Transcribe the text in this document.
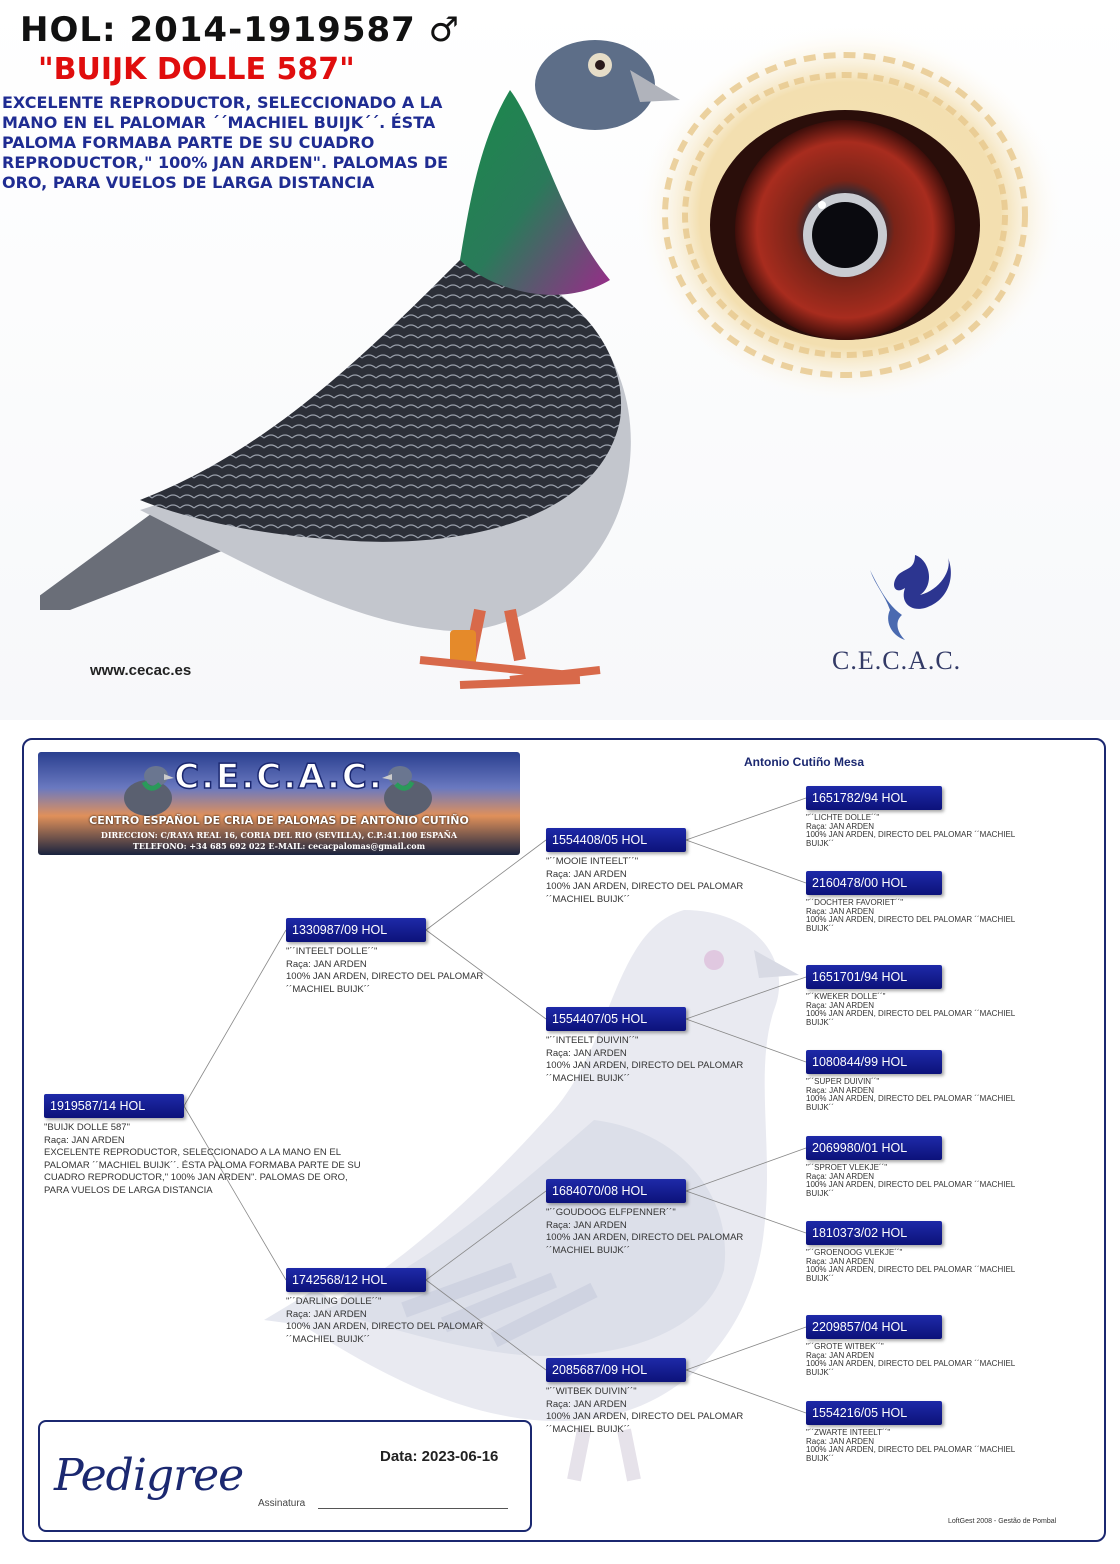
HOL: 2014-1919587 ♂
"BUIJK DOLLE 587"
EXCELENTE REPRODUCTOR, SELECCIONADO A LA MANO EN EL PALOMAR ´´MACHIEL BUIJK´´. ÉSTA PALOMA FORMABA PARTE DE SU CUADRO REPRODUCTOR," 100% JAN ARDEN". PALOMAS DE ORO, PARA VUELOS DE LARGA DISTANCIA
www.cecac.es	C.E.C.A.C.
Antonio Cutiño Mesa
C.E.C.A.C.
CENTRO ESPAÑOL DE CRIA DE PALOMAS DE ANTONIO CUTIÑO
DIRECCION: C/RAYA REAL 16, CORIA DEL RIO (SEVILLA), C.P.:41.100 ESPAÑA
TELEFONO: +34 685 692 022 E-MAIL: cecacpalomas@gmail.com
1919587/14 HOL
"BUIJK DOLLE 587"
Raça: JAN ARDEN
EXCELENTE REPRODUCTOR, SELECCIONADO A LA MANO EN EL PALOMAR ´´MACHIEL BUIJK´´. ÉSTA PALOMA FORMABA PARTE DE SU CUADRO REPRODUCTOR," 100% JAN ARDEN". PALOMAS DE ORO, PARA VUELOS DE LARGA DISTANCIA
1330987/09 HOL
"´´INTEELT DOLLE´´"
Raça: JAN ARDEN
100% JAN ARDEN, DIRECTO DEL PALOMAR
´´MACHIEL BUIJK´´
1742568/12 HOL
"´´DARLING DOLLE´´"
Raça: JAN ARDEN
100% JAN ARDEN, DIRECTO DEL PALOMAR
´´MACHIEL BUIJK´´
1554408/05 HOL
"´´MOOIE INTEELT´´"
Raça: JAN ARDEN
100% JAN ARDEN, DIRECTO DEL PALOMAR
´´MACHIEL BUIJK´´
1554407/05 HOL
"´´INTEELT DUIVIN´´"
Raça: JAN ARDEN
100% JAN ARDEN, DIRECTO DEL PALOMAR
´´MACHIEL BUIJK´´
1684070/08 HOL
"´´GOUDOOG ELFPENNER´´"
Raça: JAN ARDEN
100% JAN ARDEN, DIRECTO DEL PALOMAR
´´MACHIEL BUIJK´´
2085687/09 HOL
"´´WITBEK DUIVIN´´"
Raça: JAN ARDEN
100% JAN ARDEN, DIRECTO DEL PALOMAR
´´MACHIEL BUIJK´´
1651782/94 HOL
"´´LICHTE DOLLE´´"
Raça: JAN ARDEN
100% JAN ARDEN, DIRECTO DEL PALOMAR ´´MACHIEL
BUIJK´´
2160478/00 HOL
"´´DOCHTER FAVORIET´´"
Raça: JAN ARDEN
100% JAN ARDEN, DIRECTO DEL PALOMAR ´´MACHIEL
BUIJK´´
1651701/94 HOL
"´´KWEKER DOLLE´´"
Raça: JAN ARDEN
100% JAN ARDEN, DIRECTO DEL PALOMAR ´´MACHIEL
BUIJK´´
1080844/99 HOL
"´´SUPER DUIVIN´´"
Raça: JAN ARDEN
100% JAN ARDEN, DIRECTO DEL PALOMAR ´´MACHIEL
BUIJK´´
2069980/01 HOL
"´´SPROET VLEKJE´´"
Raça: JAN ARDEN
100% JAN ARDEN, DIRECTO DEL PALOMAR ´´MACHIEL
BUIJK´´
1810373/02 HOL
"´´GROENOOG VLEKJE´´"
Raça: JAN ARDEN
100% JAN ARDEN, DIRECTO DEL PALOMAR ´´MACHIEL
BUIJK´´
2209857/04 HOL
"´´GROTE WITBEK´´"
Raça: JAN ARDEN
100% JAN ARDEN, DIRECTO DEL PALOMAR ´´MACHIEL
BUIJK´´
1554216/05 HOL
"´´ZWARTE INTEELT´´"
Raça: JAN ARDEN
100% JAN ARDEN, DIRECTO DEL PALOMAR ´´MACHIEL
BUIJK´´
Pedigree	Data: 2023-06-16
Assinatura
LoftGest 2008 - Gestão de Pombal
